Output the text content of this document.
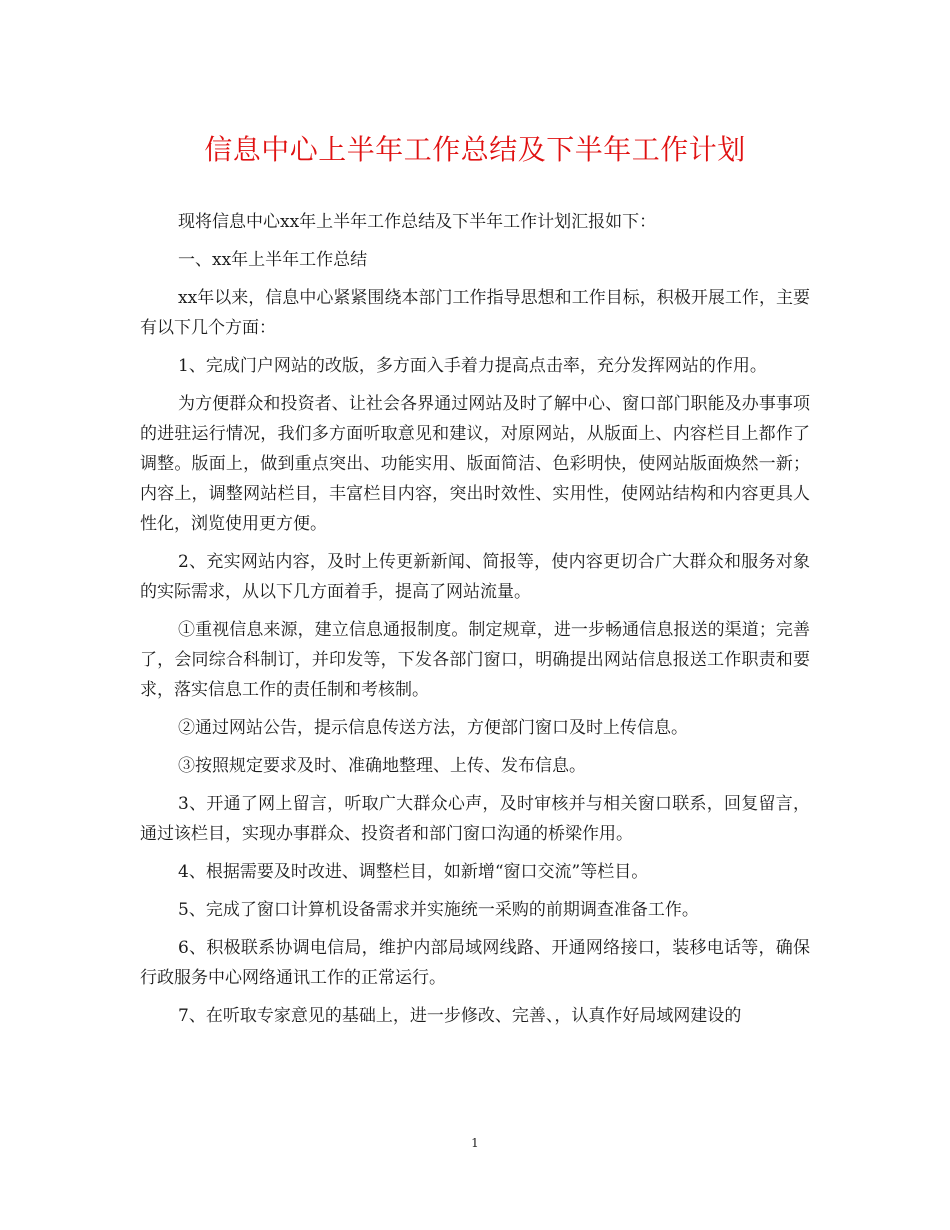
信息中心上半年工作总结及下半年工作计划

现将信息中心xx年上半年工作总结及下半年工作计划汇报如下：

一、xx年上半年工作总结

xx年以来，信息中心紧紧围绕本部门工作指导思想和工作目标，积极开展工作，主要有以下几个方面：

1、完成门户网站的改版，多方面入手着力提高点击率，充分发挥网站的作用。

为方便群众和投资者、让社会各界通过网站及时了解中心、窗口部门职能及办事事项的进驻运行情况，我们多方面听取意见和建议，对原网站，从版面上、内容栏目上都作了调整。版面上，做到重点突出、功能实用、版面简洁、色彩明快，使网站版面焕然一新；内容上，调整网站栏目，丰富栏目内容，突出时效性、实用性，使网站结构和内容更具人性化，浏览使用更方便。

2、充实网站内容，及时上传更新新闻、简报等，使内容更切合广大群众和服务对象的实际需求，从以下几方面着手，提高了网站流量。

①重视信息来源，建立信息通报制度。制定规章，进一步畅通信息报送的渠道；完善了，会同综合科制订，并印发等，下发各部门窗口，明确提出网站信息报送工作职责和要求，落实信息工作的责任制和考核制。

②通过网站公告，提示信息传送方法，方便部门窗口及时上传信息。

③按照规定要求及时、准确地整理、上传、发布信息。

3、开通了网上留言，听取广大群众心声，及时审核并与相关窗口联系，回复留言，通过该栏目，实现办事群众、投资者和部门窗口沟通的桥梁作用。

4、根据需要及时改进、调整栏目，如新增“窗口交流”等栏目。

5、完成了窗口计算机设备需求并实施统一采购的前期调查准备工作。

6、积极联系协调电信局，维护内部局域网线路、开通网络接口，装移电话等，确保行政服务中心网络通讯工作的正常运行。

7、在听取专家意见的基础上，进一步修改、完善、，认真作好局域网建设的

1
